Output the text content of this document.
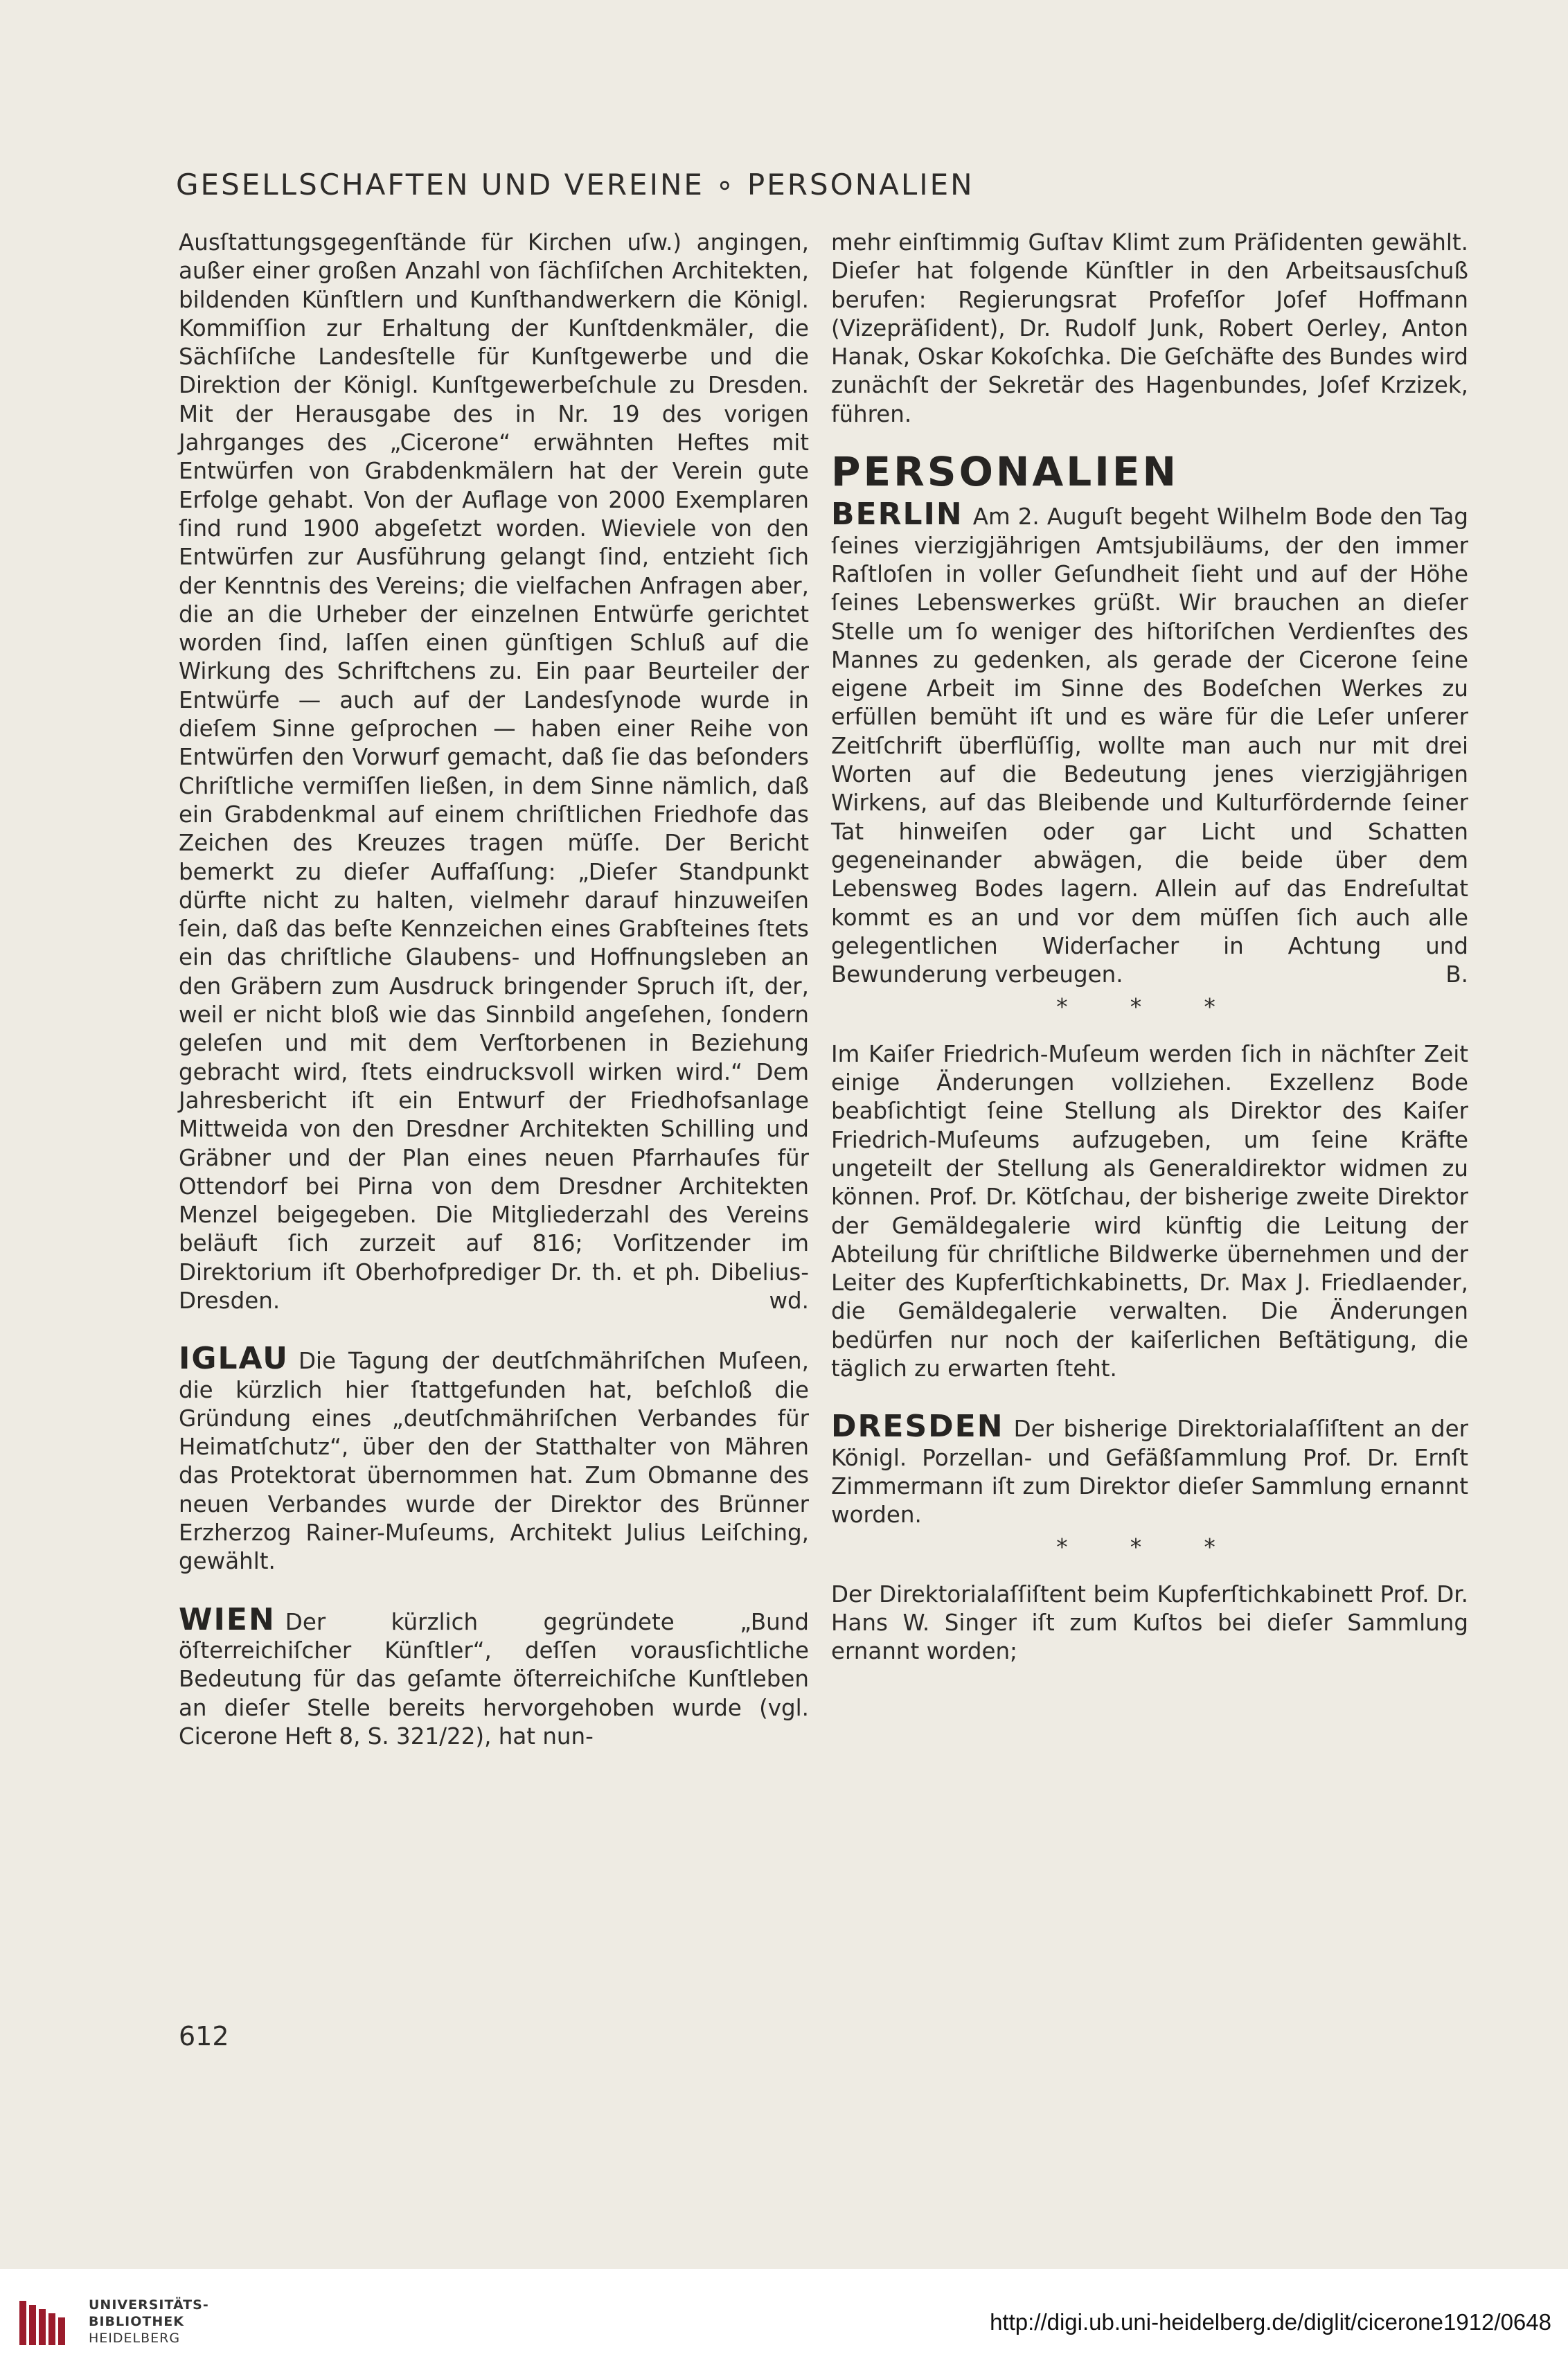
GESELLSCHAFTEN UND VEREINE ∘ PERSONALIEN

Ausſtattungsgegenſtände für Kirchen uſw.) angingen, außer einer großen Anzahl von ſächſiſchen Architekten, bildenden Künſtlern und Kunſthandwerkern die Königl. Kommiſſion zur Erhaltung der Kunſtdenkmäler, die Sächſiſche Landesſtelle für Kunſtgewerbe und die Direktion der Königl. Kunſtgewerbeſchule zu Dresden. Mit der Herausgabe des in Nr. 19 des vorigen Jahrganges des „Cicerone“ erwähnten Heftes mit Entwürfen von Grabdenkmälern hat der Verein gute Erfolge gehabt. Von der Auflage von 2000 Exemplaren ſind rund 1900 abgeſetzt worden. Wieviele von den Entwürfen zur Ausführung gelangt ſind, entzieht ſich der Kenntnis des Vereins; die vielfachen Anfragen aber, die an die Urheber der einzelnen Entwürfe gerichtet worden ſind, laſſen einen günſtigen Schluß auf die Wirkung des Schriftchens zu. Ein paar Beurteiler der Entwürfe — auch auf der Landesſynode wurde in dieſem Sinne geſprochen — haben einer Reihe von Entwürfen den Vorwurf gemacht, daß ſie das beſonders Chriſtliche vermiſſen ließen, in dem Sinne nämlich, daß ein Grabdenkmal auf einem chriſtlichen Friedhofe das Zeichen des Kreuzes tragen müſſe. Der Bericht bemerkt zu dieſer Auffaſſung: „Dieſer Standpunkt dürfte nicht zu halten, vielmehr darauf hinzuweiſen ſein, daß das beſte Kennzeichen eines Grabſteines ſtets ein das chriſtliche Glaubens- und Hoffnungsleben an den Gräbern zum Ausdruck bringender Spruch iſt, der, weil er nicht bloß wie das Sinnbild angeſehen, ſondern geleſen und mit dem Verſtorbenen in Beziehung gebracht wird, ſtets eindrucksvoll wirken wird.“ Dem Jahresbericht iſt ein Entwurf der Friedhofsanlage Mittweida von den Dresdner Architekten Schilling und Gräbner und der Plan eines neuen Pfarrhauſes für Ottendorf bei Pirna von dem Dresdner Architekten Menzel beigegeben. Die Mitgliederzahl des Vereins beläuft ſich zurzeit auf 816; Vorſitzender im Direktorium iſt Oberhofprediger Dr. th. et ph. Dibelius-Dresden.	wd.

IGLAU Die Tagung der deutſchmähriſchen Muſeen, die kürzlich hier ſtattgefunden hat, beſchloß die Gründung eines „deutſchmähriſchen Verbandes für Heimatſchutz“, über den der Statthalter von Mähren das Protektorat übernommen hat. Zum Obmanne des neuen Verbandes wurde der Direktor des Brünner Erzherzog Rainer-Muſeums, Architekt Julius Leiſching, gewählt.

WIEN Der kürzlich gegründete „Bund öſterreichiſcher Künſtler“, deſſen vorausſichtliche Bedeutung für das geſamte öſterreichiſche Kunſtleben an dieſer Stelle bereits hervorgehoben wurde (vgl. Cicerone Heft 8, S. 321/22), hat nun-

mehr einſtimmig Guſtav Klimt zum Präſidenten gewählt. Dieſer hat folgende Künſtler in den Arbeitsausſchuß berufen: Regierungsrat Profeſſor Joſef Hoffmann (Vizepräſident), Dr. Rudolf Junk, Robert Oerley, Anton Hanak, Oskar Kokoſchka. Die Geſchäfte des Bundes wird zunächſt der Sekretär des Hagenbundes, Joſef Krzizek, führen.

PERSONALIEN

BERLIN Am 2. Auguſt begeht Wilhelm Bode den Tag ſeines vierzigjährigen Amtsjubiläums, der den immer Raſtloſen in voller Geſundheit ſieht und auf der Höhe ſeines Lebenswerkes grüßt. Wir brauchen an dieſer Stelle um ſo weniger des hiſtoriſchen Verdienſtes des Mannes zu gedenken, als gerade der Cicerone ſeine eigene Arbeit im Sinne des Bodeſchen Werkes zu erfüllen bemüht iſt und es wäre für die Leſer unſerer Zeitſchrift überflüſſig, wollte man auch nur mit drei Worten auf die Bedeutung jenes vierzigjährigen Wirkens, auf das Bleibende und Kulturfördernde ſeiner Tat hinweiſen oder gar Licht und Schatten gegeneinander abwägen, die beide über dem Lebensweg Bodes lagern. Allein auf das Endreſultat kommt es an und vor dem müſſen ſich auch alle gelegentlichen Widerſacher in Achtung und Bewunderung verbeugen.	B.

* * *

Im Kaiſer Friedrich-Muſeum werden ſich in nächſter Zeit einige Änderungen vollziehen. Exzellenz Bode beabſichtigt ſeine Stellung als Direktor des Kaiſer Friedrich-Muſeums aufzugeben, um ſeine Kräfte ungeteilt der Stellung als Generaldirektor widmen zu können. Prof. Dr. Kötſchau, der bisherige zweite Direktor der Gemäldegalerie wird künftig die Leitung der Abteilung für chriſtliche Bildwerke übernehmen und der Leiter des Kupferſtichkabinetts, Dr. Max J. Friedlaender, die Gemäldegalerie verwalten. Die Änderungen bedürfen nur noch der kaiſerlichen Beſtätigung, die täglich zu erwarten ſteht.

DRESDEN Der bisherige Direktorialaſſiſtent an der Königl. Porzellan- und Gefäßſammlung Prof. Dr. Ernſt Zimmermann iſt zum Direktor dieſer Sammlung ernannt worden.

* * *

Der Direktorialaſſiſtent beim Kupferſtichkabinett Prof. Dr. Hans W. Singer iſt zum Kuſtos bei dieſer Sammlung ernannt worden;

612
UNIVERSITÄTS-
BIBLIOTHEK
HEIDELBERG
http://digi.ub.uni-heidelberg.de/diglit/cicerone1912/0648
